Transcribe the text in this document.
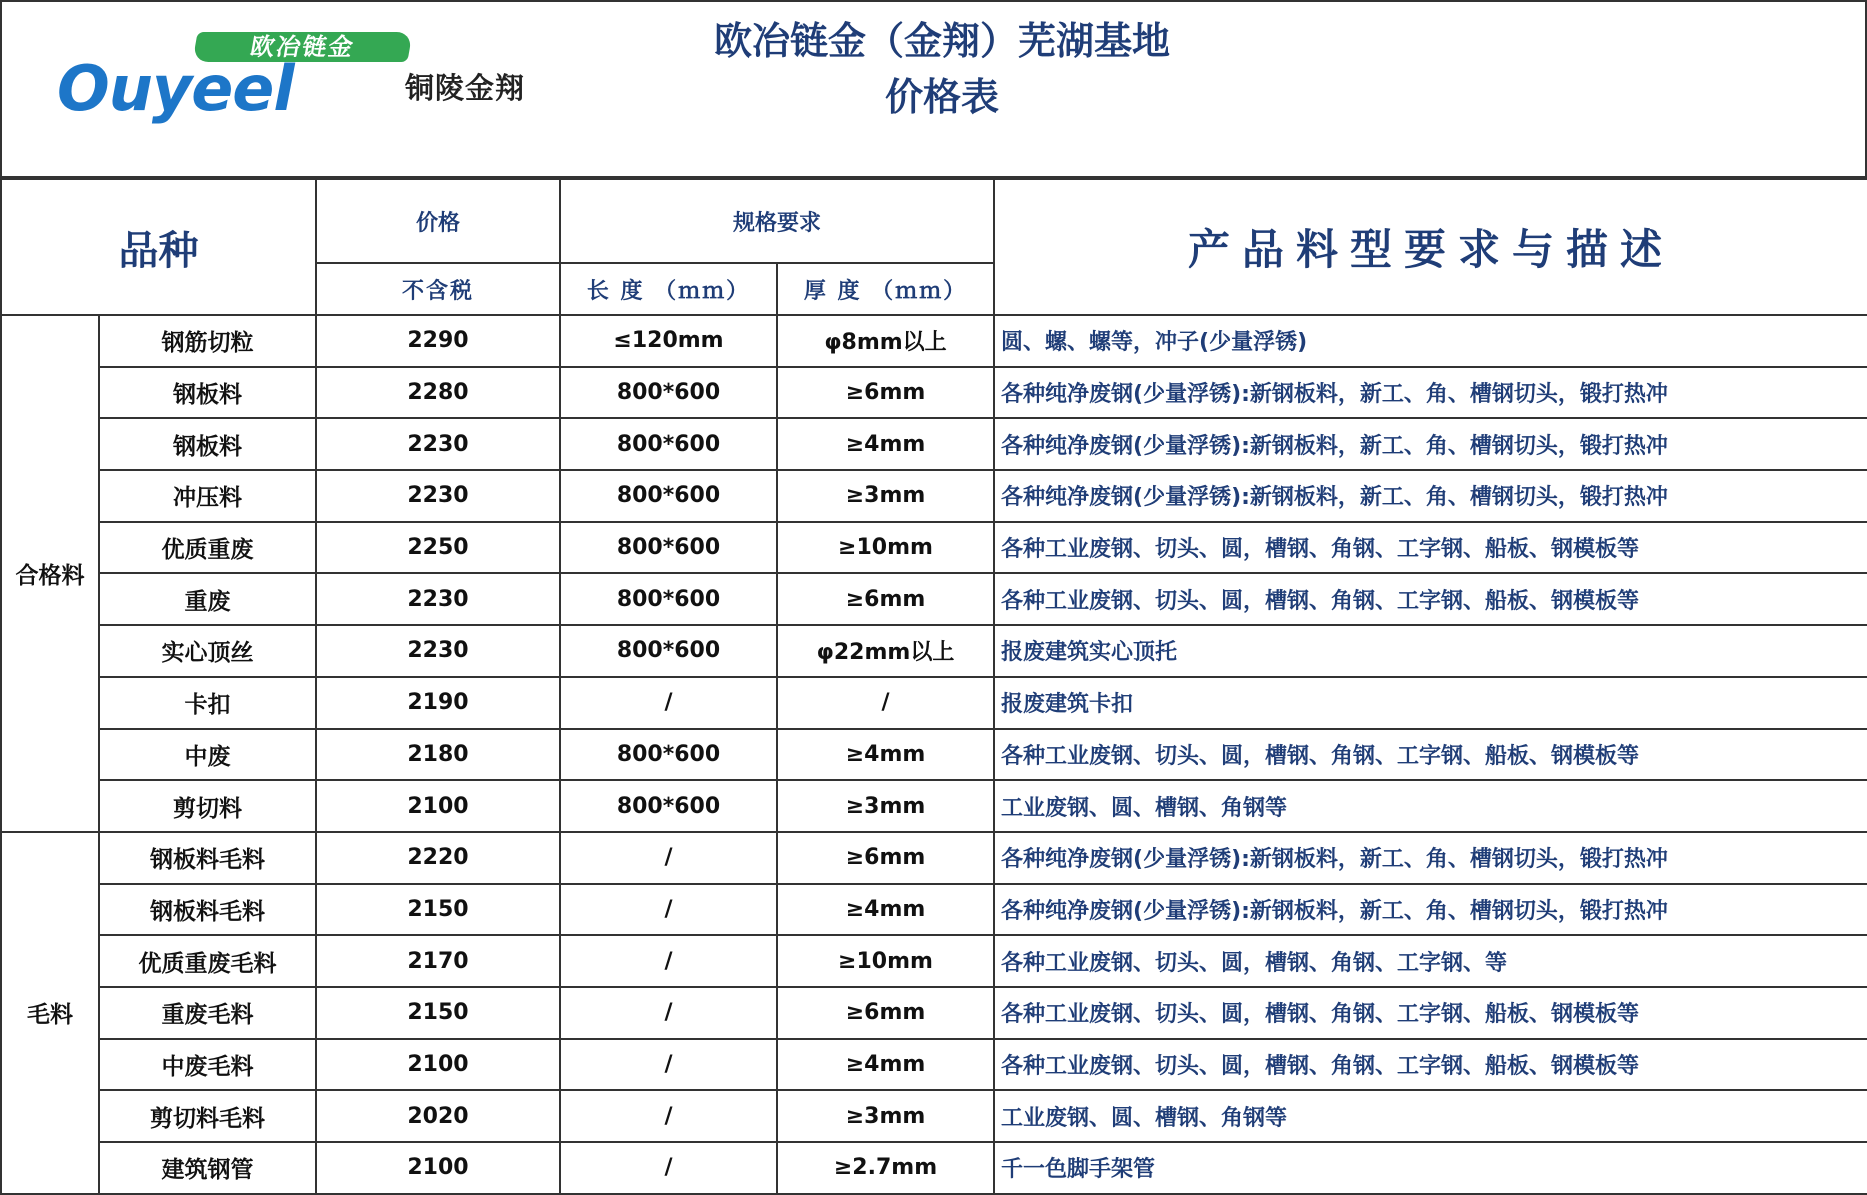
欧冶链金
Ouyeel	铜陵金翔
欧冶链金（金翔）芜湖基地
价格表
品种		价格	规格要求		产品料型要求与描述
		不含税	长 度 （ｍｍ）	厚 度 （ｍｍ）	
合格料	钢筋切粒	2290	≤120mm	φ8mm以上	圆、螺、螺等，冲子(少量浮锈)
	钢板料	2280	800*600	≥6mm	各种纯净废钢(少量浮锈):新钢板料，新工、角、槽钢切头，锻打热冲
	钢板料	2230	800*600	≥4mm	各种纯净废钢(少量浮锈):新钢板料，新工、角、槽钢切头，锻打热冲
	冲压料	2230	800*600	≥3mm	各种纯净废钢(少量浮锈):新钢板料，新工、角、槽钢切头，锻打热冲
	优质重废	2250	800*600	≥10mm	各种工业废钢、切头、圆，槽钢、角钢、工字钢、船板、钢模板等
	重废	2230	800*600	≥6mm	各种工业废钢、切头、圆，槽钢、角钢、工字钢、船板、钢模板等
	实心顶丝	2230	800*600	φ22mm以上	报废建筑实心顶托
	卡扣	2190	/	/	报废建筑卡扣
	中废	2180	800*600	≥4mm	各种工业废钢、切头、圆，槽钢、角钢、工字钢、船板、钢模板等
	剪切料	2100	800*600	≥3mm	工业废钢、圆、槽钢、角钢等
毛料	钢板料毛料	2220	/	≥6mm	各种纯净废钢(少量浮锈):新钢板料，新工、角、槽钢切头，锻打热冲
	钢板料毛料	2150	/	≥4mm	各种纯净废钢(少量浮锈):新钢板料，新工、角、槽钢切头，锻打热冲
	优质重废毛料	2170	/	≥10mm	各种工业废钢、切头、圆，槽钢、角钢、工字钢、等
	重废毛料	2150	/	≥6mm	各种工业废钢、切头、圆，槽钢、角钢、工字钢、船板、钢模板等
	中废毛料	2100	/	≥4mm	各种工业废钢、切头、圆，槽钢、角钢、工字钢、船板、钢模板等
	剪切料毛料	2020	/	≥3mm	工业废钢、圆、槽钢、角钢等
	建筑钢管	2100	/	≥2.7mm	千一色脚手架管
